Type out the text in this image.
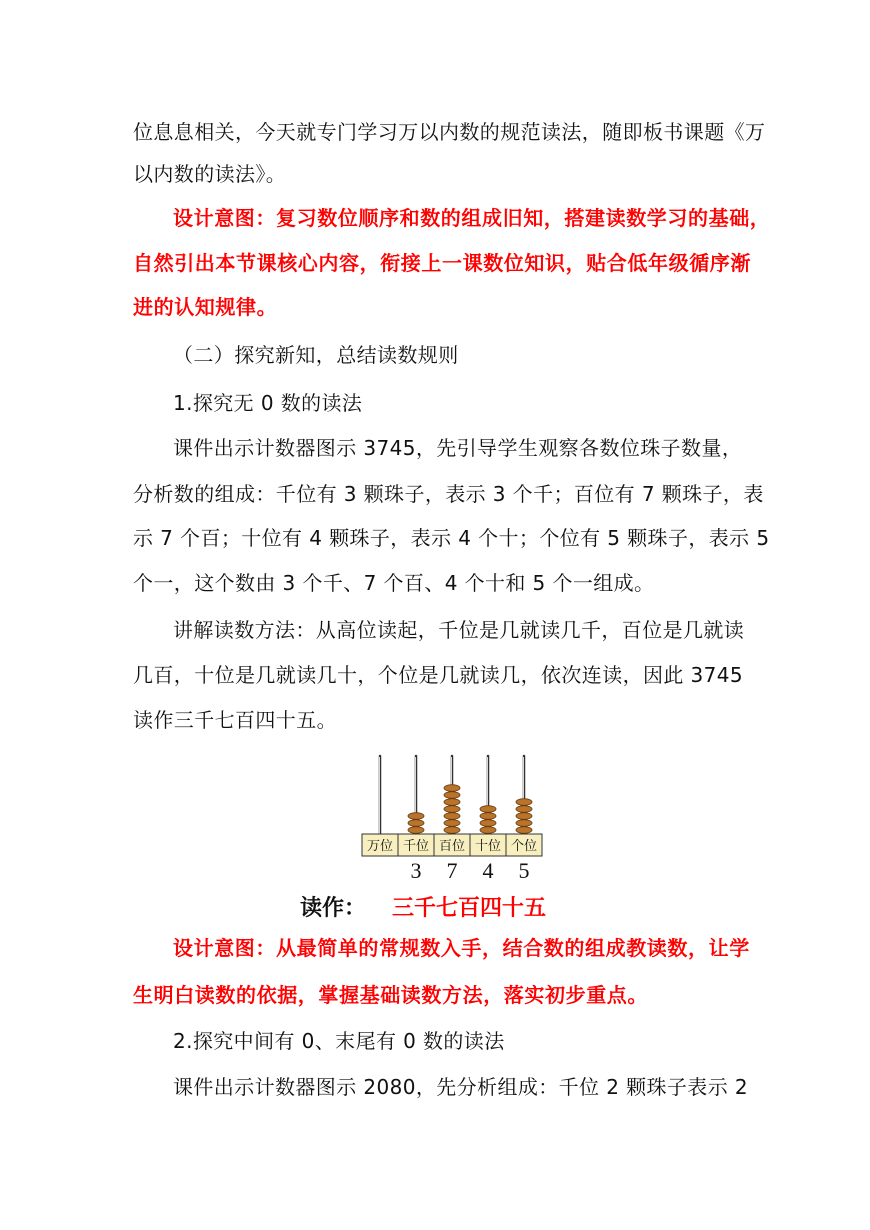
位息息相关，今天就专门学习万以内数的规范读法，随即板书课题《万
以内数的读法》。
设计意图：复习数位顺序和数的组成旧知，搭建读数学习的基础，
自然引出本节课核心内容，衔接上一课数位知识，贴合低年级循序渐
进的认知规律。
（二）探究新知，总结读数规则
1.探究无 0 数的读法
课件出示计数器图示 3745，先引导学生观察各数位珠子数量，
分析数的组成：千位有 3 颗珠子，表示 3 个千；百位有 7 颗珠子，表
示 7 个百；十位有 4 颗珠子，表示 4 个十；个位有 5 颗珠子，表示 5
个一，这个数由 3 个千、7 个百、4 个十和 5 个一组成。
讲解读数方法：从高位读起，千位是几就读几千，百位是几就读
几百，十位是几就读几十，个位是几就读几，依次连读，因此 3745
读作三千七百四十五。
万位 千位
3
百位
7
十位
4
个位
5
读作： 三千七百四十五
设计意图：从最简单的常规数入手，结合数的组成教读数，让学
生明白读数的依据，掌握基础读数方法，落实初步重点。
2.探究中间有 0、末尾有 0 数的读法
课件出示计数器图示 2080，先分析组成：千位 2 颗珠子表示 2
